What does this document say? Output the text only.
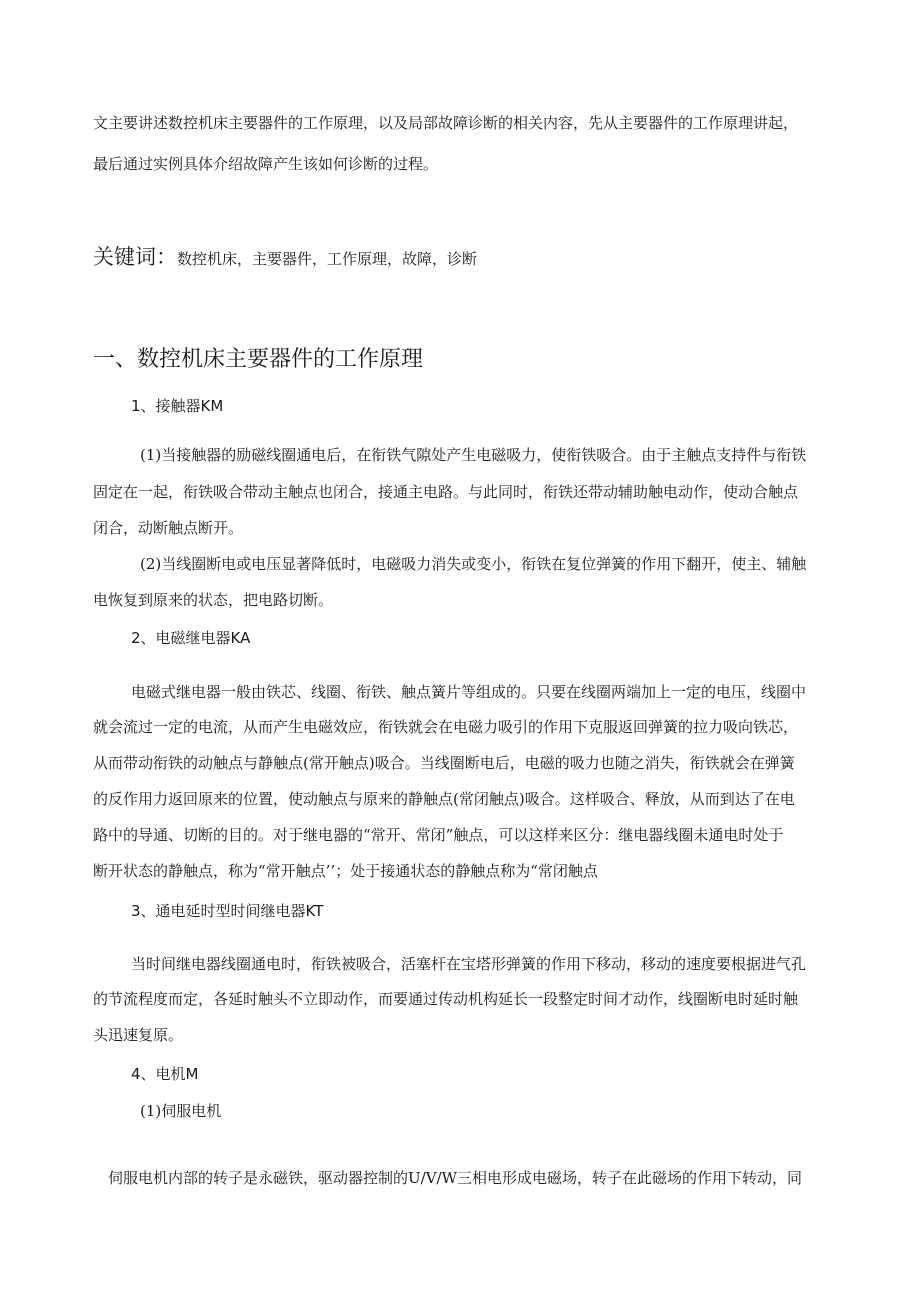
文主要讲述数控机床主要器件的工作原理，以及局部故障诊断的相关内容，先从主要器件的工作原理讲起，
最后通过实例具体介绍故障产生该如何诊断的过程。
关键词：数控机床，主要器件，工作原理，故障，诊断
一、数控机床主要器件的工作原理
1、接触器KM
(1)当接触器的励磁线圈通电后，在衔铁气隙处产生电磁吸力，使衔铁吸合。由于主触点支持件与衔铁
固定在一起，衔铁吸合带动主触点也闭合，接通主电路。与此同时，衔铁还带动辅助触电动作，使动合触点
闭合，动断触点断开。
(2)当线圈断电或电压显著降低时，电磁吸力消失或变小，衔铁在复位弹簧的作用下翻开，使主、辅触
电恢复到原来的状态，把电路切断。
2、电磁继电器KA
电磁式继电器一般由铁芯、线圈、衔铁、触点簧片等组成的。只要在线圈两端加上一定的电压，线圈中
就会流过一定的电流，从而产生电磁效应，衔铁就会在电磁力吸引的作用下克服返回弹簧的拉力吸向铁芯，
从而带动衔铁的动触点与静触点(常开触点)吸合。当线圈断电后，电磁的吸力也随之消失，衔铁就会在弹簧
的反作用力返回原来的位置，使动触点与原来的静触点(常闭触点)吸合。这样吸合、释放，从而到达了在电
路中的导通、切断的目的。对于继电器的“常开、常闭”触点，可以这样来区分：继电器线圈未通电时处于
断开状态的静触点，称为“常开触点’’；处于接通状态的静触点称为“常闭触点
3、通电延时型时间继电器KT
当时间继电器线圈通电时，衔铁被吸合，活塞杆在宝塔形弹簧的作用下移动，移动的速度要根据进气孔
的节流程度而定，各延时触头不立即动作，而要通过传动机构延长一段整定时间才动作，线圈断电时延时触
头迅速复原。
4、电机M
(1)伺服电机
伺服电机内部的转子是永磁铁，驱动器控制的U/V/W三相电形成电磁场，转子在此磁场的作用下转动，同
